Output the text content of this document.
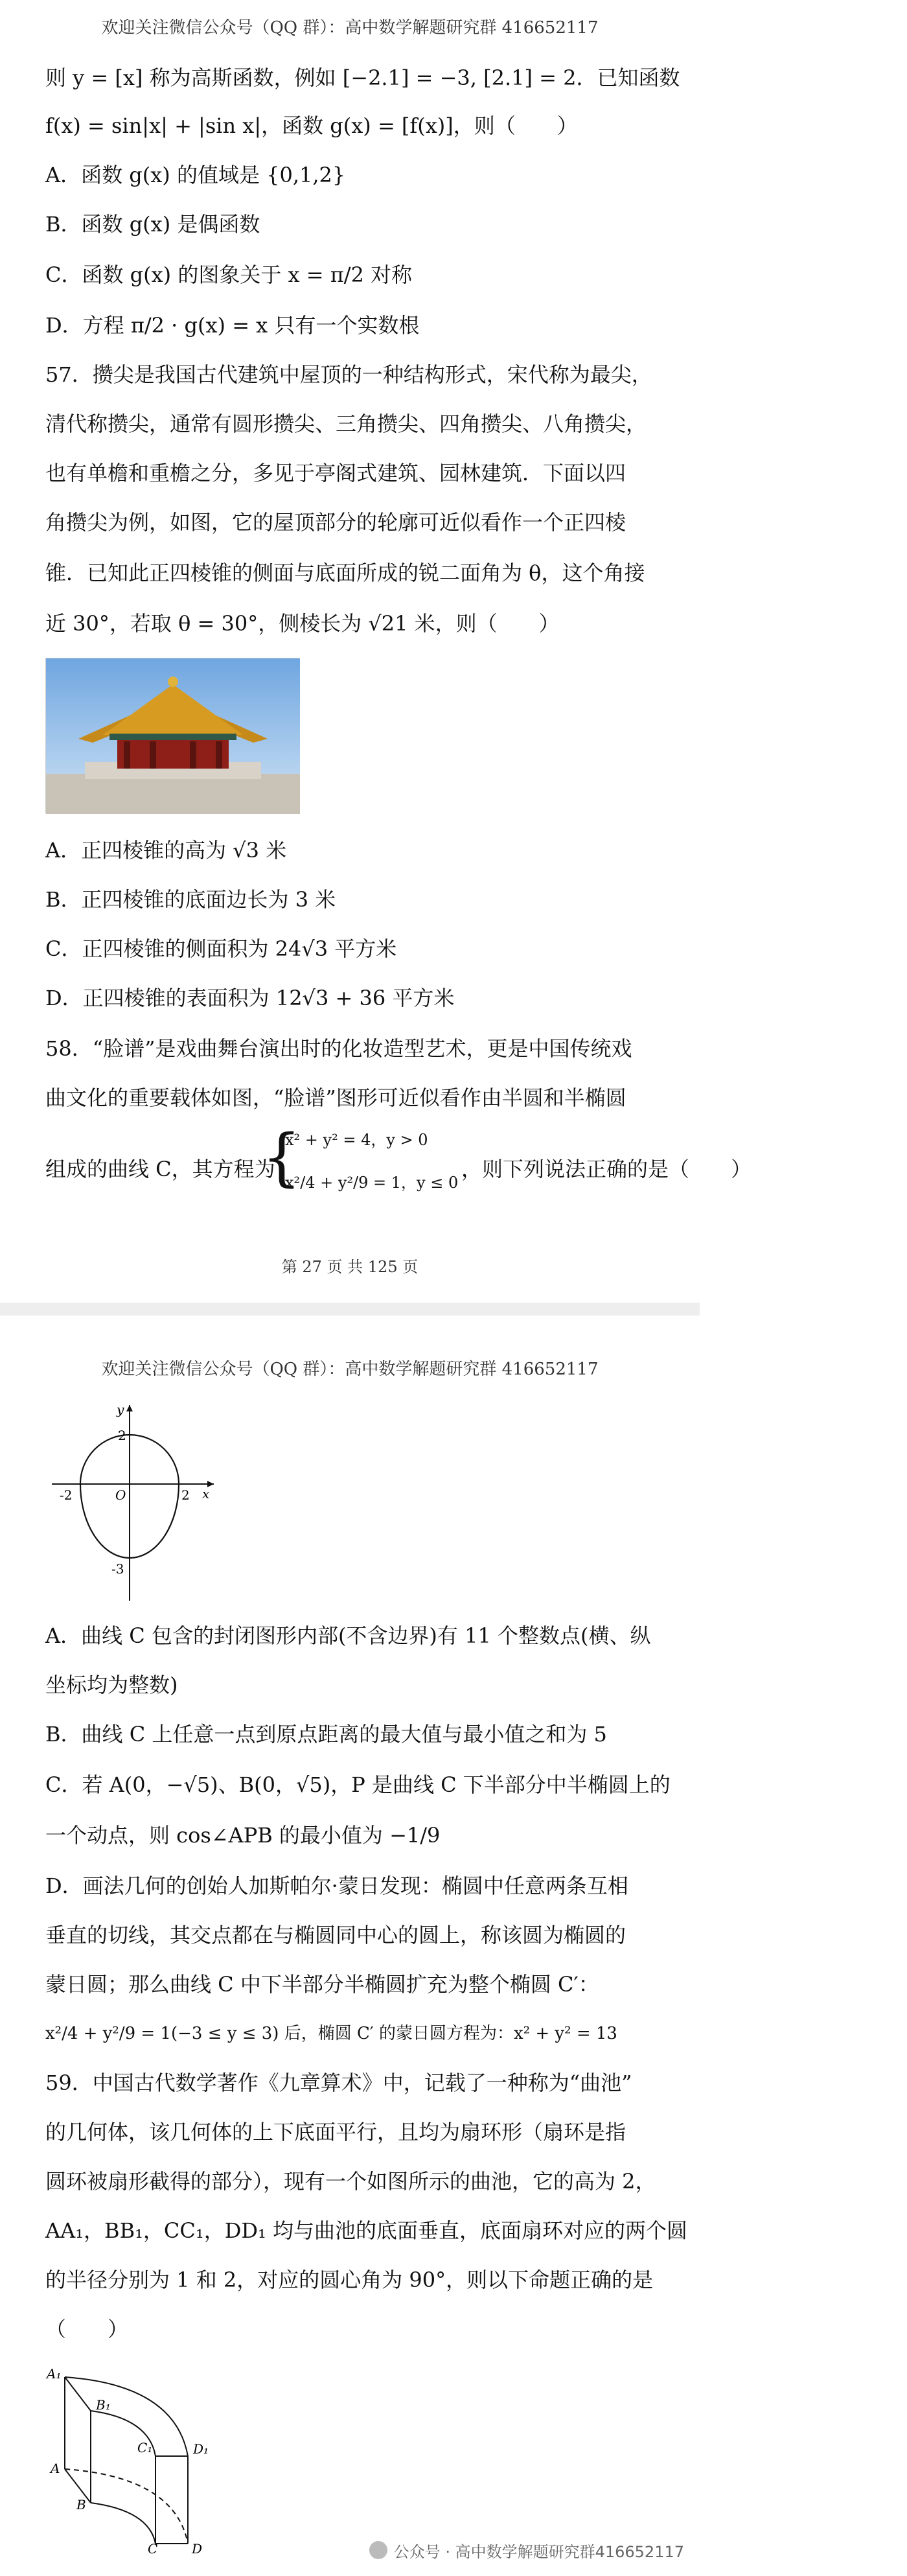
欢迎关注微信公众号（QQ 群）：高中数学解题研究群 416652117
则 y = [x] 称为高斯函数，例如 [−2.1] = −3, [2.1] = 2．已知函数
f(x) = sin|x| + |sin x|，函数 g(x) = [f(x)]，则（　　）
A．函数 g(x) 的值域是 {0,1,2}
B．函数 g(x) 是偶函数
C．函数 g(x) 的图象关于 x = π/2 对称
D．方程 π/2 · g(x) = x 只有一个实数根
57．攒尖是我国古代建筑中屋顶的一种结构形式，宋代称为最尖，
清代称攒尖，通常有圆形攒尖、三角攒尖、四角攒尖、八角攒尖，
也有单檐和重檐之分，多见于亭阁式建筑、园林建筑．下面以四
角攒尖为例，如图，它的屋顶部分的轮廓可近似看作一个正四棱
锥．已知此正四棱锥的侧面与底面所成的锐二面角为 θ，这个角接
近 30°，若取 θ = 30°，侧棱长为 √21 米，则（　　）
A．正四棱锥的高为 √3 米
B．正四棱锥的底面边长为 3 米
C．正四棱锥的侧面积为 24√3 平方米
D．正四棱锥的表面积为 12√3 + 36 平方米
58．“脸谱”是戏曲舞台演出时的化妆造型艺术，更是中国传统戏
曲文化的重要载体如图，“脸谱”图形可近似看作由半圆和半椭圆
组成的曲线 C，其方程为
{
x² + y² = 4，y > 0
x²/4 + y²/9 = 1，y ≤ 0
，则下列说法正确的是（　　）
第 27 页 共 125 页
欢迎关注微信公众号（QQ 群）：高中数学解题研究群 416652117
y
x
2
-3
-2	2
O
A．曲线 C 包含的封闭图形内部(不含边界)有 11 个整数点(横、纵
坐标均为整数)
B．曲线 C 上任意一点到原点距离的最大值与最小值之和为 5
C．若 A(0，−√5)、B(0，√5)，P 是曲线 C 下半部分中半椭圆上的
一个动点，则 cos∠APB 的最小值为 −1/9
D．画法几何的创始人加斯帕尔·蒙日发现：椭圆中任意两条互相
垂直的切线，其交点都在与椭圆同中心的圆上，称该圆为椭圆的
蒙日圆；那么曲线 C 中下半部分半椭圆扩充为整个椭圆 C′：
x²/4 + y²/9 = 1(−3 ≤ y ≤ 3) 后，椭圆 C′ 的蒙日圆方程为：x² + y² = 13
59．中国古代数学著作《九章算术》中，记载了一种称为“曲池”
的几何体，该几何体的上下底面平行，且均为扇环形（扇环是指
圆环被扇形截得的部分），现有一个如图所示的曲池，它的高为 2，
AA₁，BB₁，CC₁，DD₁ 均与曲池的底面垂直，底面扇环对应的两个圆
的半径分别为 1 和 2，对应的圆心角为 90°，则以下命题正确的是
（　　）
A₁
B₁
C₁	D₁
A
B
C	D	公众号 · 高中数学解题研究群416652117
